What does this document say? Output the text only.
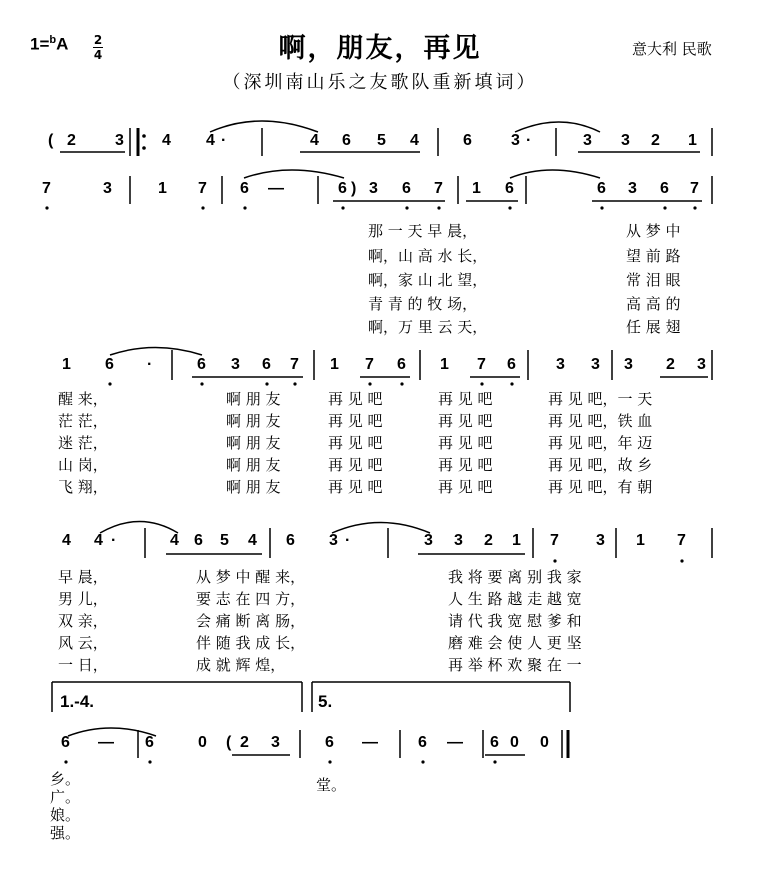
1=$^b$A 2
4	啊，朋友，再见
（深圳南山乐之友歌队重新填词）
意大利 民歌
( 2 3 4 4 ·	4 6 5 4	6 3 ·	3 3 2 1
7	3	1 7 6 —	6 ) 3 6 7 1 6	6 3 6 7
1 6 ·	6 3 6 7 1 7 6 1 7 6	3 3 3 2 3
4 4 ·	4 6 5 4 6 3 ·	3 3 2 1 7 3 1 7
6 — 6	0 ( 2 3	6 —	6 — 6 0 0
1.-4.	5.
那 一 天 早 晨，	从 梦 中
啊，山 高 水 长，	望 前 路
啊，家 山 北 望，	常 泪 眼
青 青 的 牧 场，	高 高 的
啊，万 里 云 天，	任 展 翅
醒 来，	啊 朋 友	再 见 吧	再 见 吧	再 见 吧，一 天
茫 茫，	啊 朋 友	再 见 吧	再 见 吧	再 见 吧，铁 血
迷 茫，	啊 朋 友	再 见 吧	再 见 吧	再 见 吧，年 迈
山 岗，	啊 朋 友	再 见 吧	再 见 吧	再 见 吧，故 乡
飞 翔，	啊 朋 友	再 见 吧	再 见 吧	再 见 吧，有 朝
早 晨，	从 梦 中 醒 来，	我 将 要 离 别 我 家
男 儿，	要 志 在 四 方，	人 生 路 越 走 越 宽
双 亲，	会 痛 断 离 肠，	请 代 我 宽 慰 爹 和
风 云，	伴 随 我 成 长，	磨 难 会 使 人 更 坚
一 日，	成 就 辉 煌，	再 举 杯 欢 聚 在 一
乡。
广。
娘。
强。
堂。
